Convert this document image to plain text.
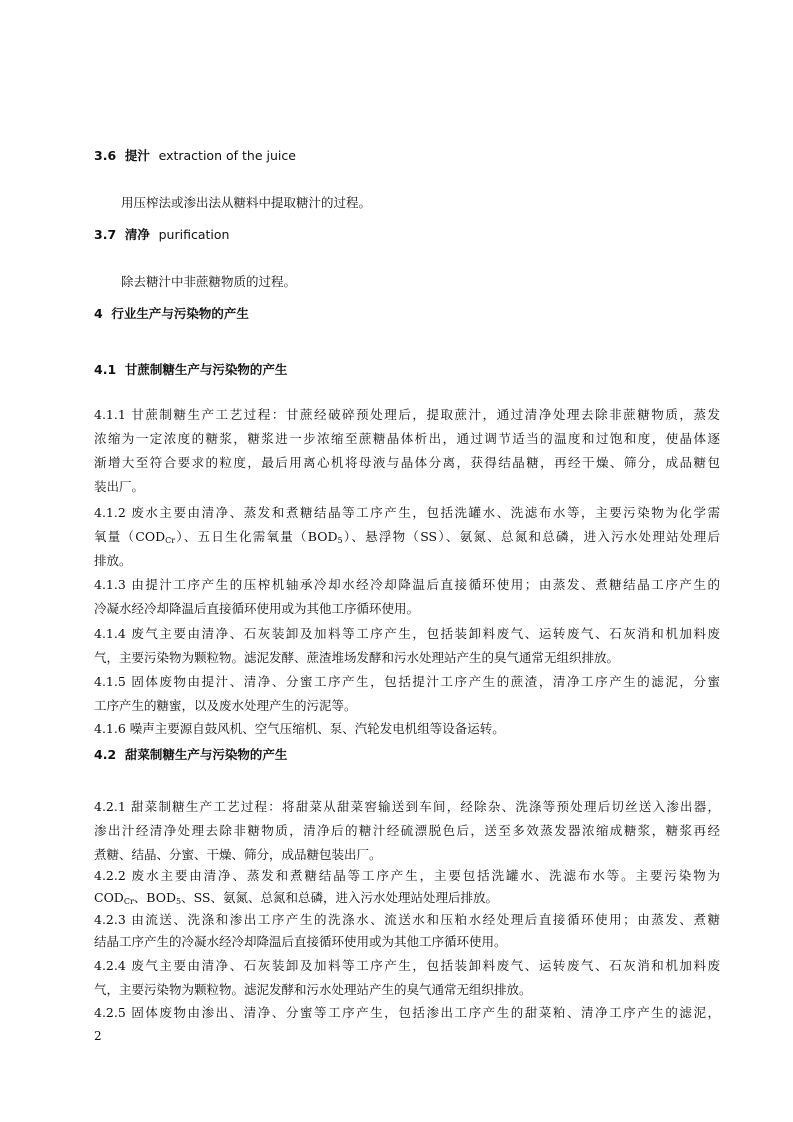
3.6 提汁 extraction of the juice
用压榨法或渗出法从糖料中提取糖汁的过程。
3.7 清净 purification
除去糖汁中非蔗糖物质的过程。
4 行业生产与污染物的产生
4.1 甘蔗制糖生产与污染物的产生
4.1.1 甘蔗制糖生产工艺过程：甘蔗经破碎预处理后，提取蔗汁，通过清净处理去除非蔗糖物质，蒸发
浓缩为一定浓度的糖浆，糖浆进一步浓缩至蔗糖晶体析出，通过调节适当的温度和过饱和度，使晶体逐
渐增大至符合要求的粒度，最后用离心机将母液与晶体分离，获得结晶糖，再经干燥、筛分，成品糖包
装出厂。
4.1.2 废水主要由清净、蒸发和煮糖结晶等工序产生，包括洗罐水、洗滤布水等，主要污染物为化学需
氧量$(COD_{Cr})$、五日生化需氧量$(BOD_5)$、悬浮物（SS）、氨氮、总氮和总磷，进入污水处理站处理后
排放。
4.1.3 由提汁工序产生的压榨机轴承冷却水经冷却降温后直接循环使用；由蒸发、煮糖结晶工序产生的
冷凝水经冷却降温后直接循环使用或为其他工序循环使用。
4.1.4 废气主要由清净、石灰装卸及加料等工序产生，包括装卸料废气、运转废气、石灰消和机加料废
气，主要污染物为颗粒物。滤泥发酵、蔗渣堆场发酵和污水处理站产生的臭气通常无组织排放。
4.1.5 固体废物由提汁、清净、分蜜工序产生，包括提汁工序产生的蔗渣，清净工序产生的滤泥，分蜜
工序产生的糖蜜，以及废水处理产生的污泥等。
4.1.6 噪声主要源自鼓风机、空气压缩机、泵、汽轮发电机组等设备运转。
4.2 甜菜制糖生产与污染物的产生
4.2.1 甜菜制糖生产工艺过程：将甜菜从甜菜窖输送到车间，经除杂、洗涤等预处理后切丝送入渗出器，
渗出汁经清净处理去除非糖物质，清净后的糖汁经硫漂脱色后，送至多效蒸发器浓缩成糖浆，糖浆再经
煮糖、结晶、分蜜、干燥、筛分，成品糖包装出厂。
4.2.2 废水主要由清净、蒸发和煮糖结晶等工序产生，主要包括洗罐水、洗滤布水等。主要污染物为
$COD_{Cr}$、$BOD_5$、SS、氨氮、总氮和总磷，进入污水处理站处理后排放。
4.2.3 由流送、洗涤和渗出工序产生的洗涤水、流送水和压粕水经处理后直接循环使用；由蒸发、煮糖
结晶工序产生的冷凝水经冷却降温后直接循环使用或为其他工序循环使用。
4.2.4 废气主要由清净、石灰装卸及加料等工序产生，包括装卸料废气、运转废气、石灰消和机加料废
气，主要污染物为颗粒物。滤泥发酵和污水处理站产生的臭气通常无组织排放。
4.2.5 固体废物由渗出、清净、分蜜等工序产生，包括渗出工序产生的甜菜粕、清净工序产生的滤泥，
2
